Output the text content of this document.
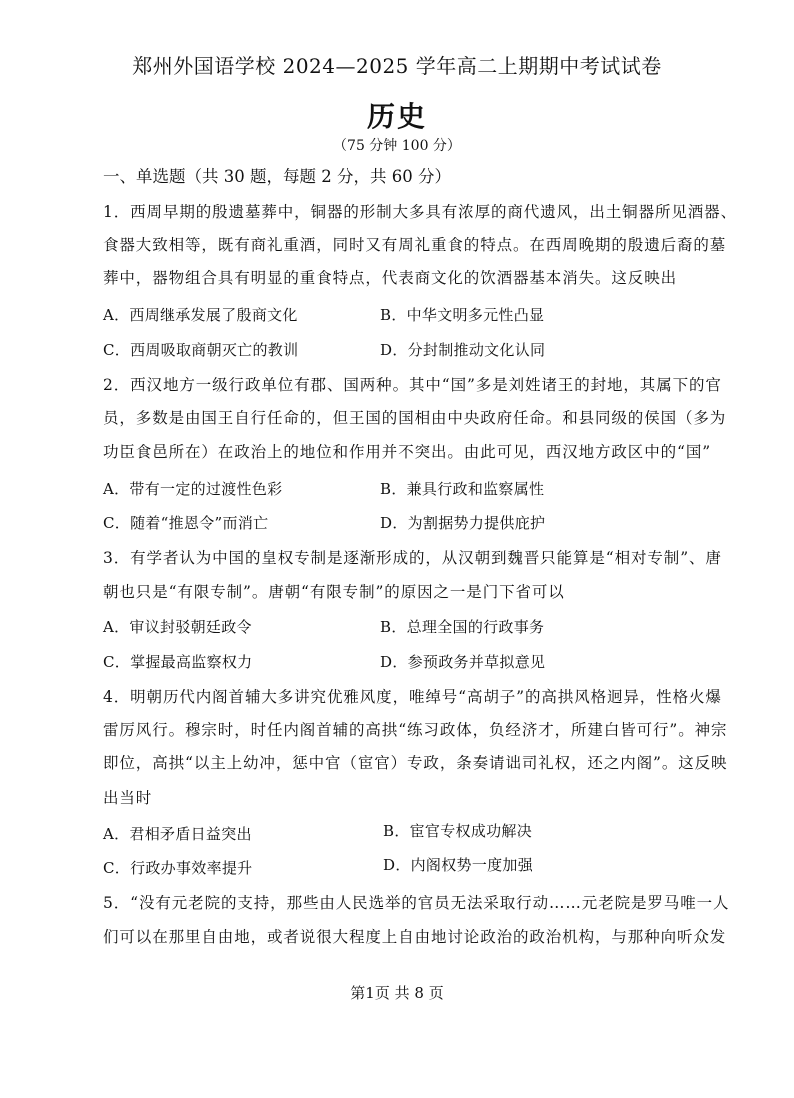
郑州外国语学校 2024—2025 学年高二上期期中考试试卷
历史
（75 分钟 100 分）
一、单选题（共 30 题，每题 2 分，共 60 分）
1．西周早期的殷遗墓葬中，铜器的形制大多具有浓厚的商代遗风，出土铜器所见酒器、
食器大致相等，既有商礼重酒，同时又有周礼重食的特点。在西周晚期的殷遗后裔的墓
葬中，器物组合具有明显的重食特点，代表商文化的饮酒器基本消失。这反映出
A．西周继承发展了殷商文化	B．中华文明多元性凸显
C．西周吸取商朝灭亡的教训	D．分封制推动文化认同
2．西汉地方一级行政单位有郡、国两种。其中“国”多是刘姓诸王的封地，其属下的官
员，多数是由国王自行任命的，但王国的国相由中央政府任命。和县同级的侯国（多为
功臣食邑所在）在政治上的地位和作用并不突出。由此可见，西汉地方政区中的“国”
A．带有一定的过渡性色彩	B．兼具行政和监察属性
C．随着“推恩令”而消亡	D．为割据势力提供庇护
3．有学者认为中国的皇权专制是逐渐形成的，从汉朝到魏晋只能算是“相对专制”、唐
朝也只是“有限专制”。唐朝“有限专制”的原因之一是门下省可以
A．审议封驳朝廷政令	B．总理全国的行政事务
C．掌握最高监察权力	D．参预政务并草拟意见
4．明朝历代内阁首辅大多讲究优雅风度，唯绰号“高胡子”的高拱风格迥异，性格火爆
雷厉风行。穆宗时，时任内阁首辅的高拱“练习政体，负经济才，所建白皆可行”。神宗
即位，高拱“以主上幼冲，惩中官（宦官）专政，条奏请诎司礼权，还之内阁”。这反映
出当时
A．君相矛盾日益突出	B．宦官专权成功解决
C．行政办事效率提升	D．内阁权势一度加强
5．“没有元老院的支持，那些由人民选举的官员无法采取行动……元老院是罗马唯一人
们可以在那里自由地，或者说很大程度上自由地讨论政治的政治机构，与那种向听众发
第1页 共 8 页
